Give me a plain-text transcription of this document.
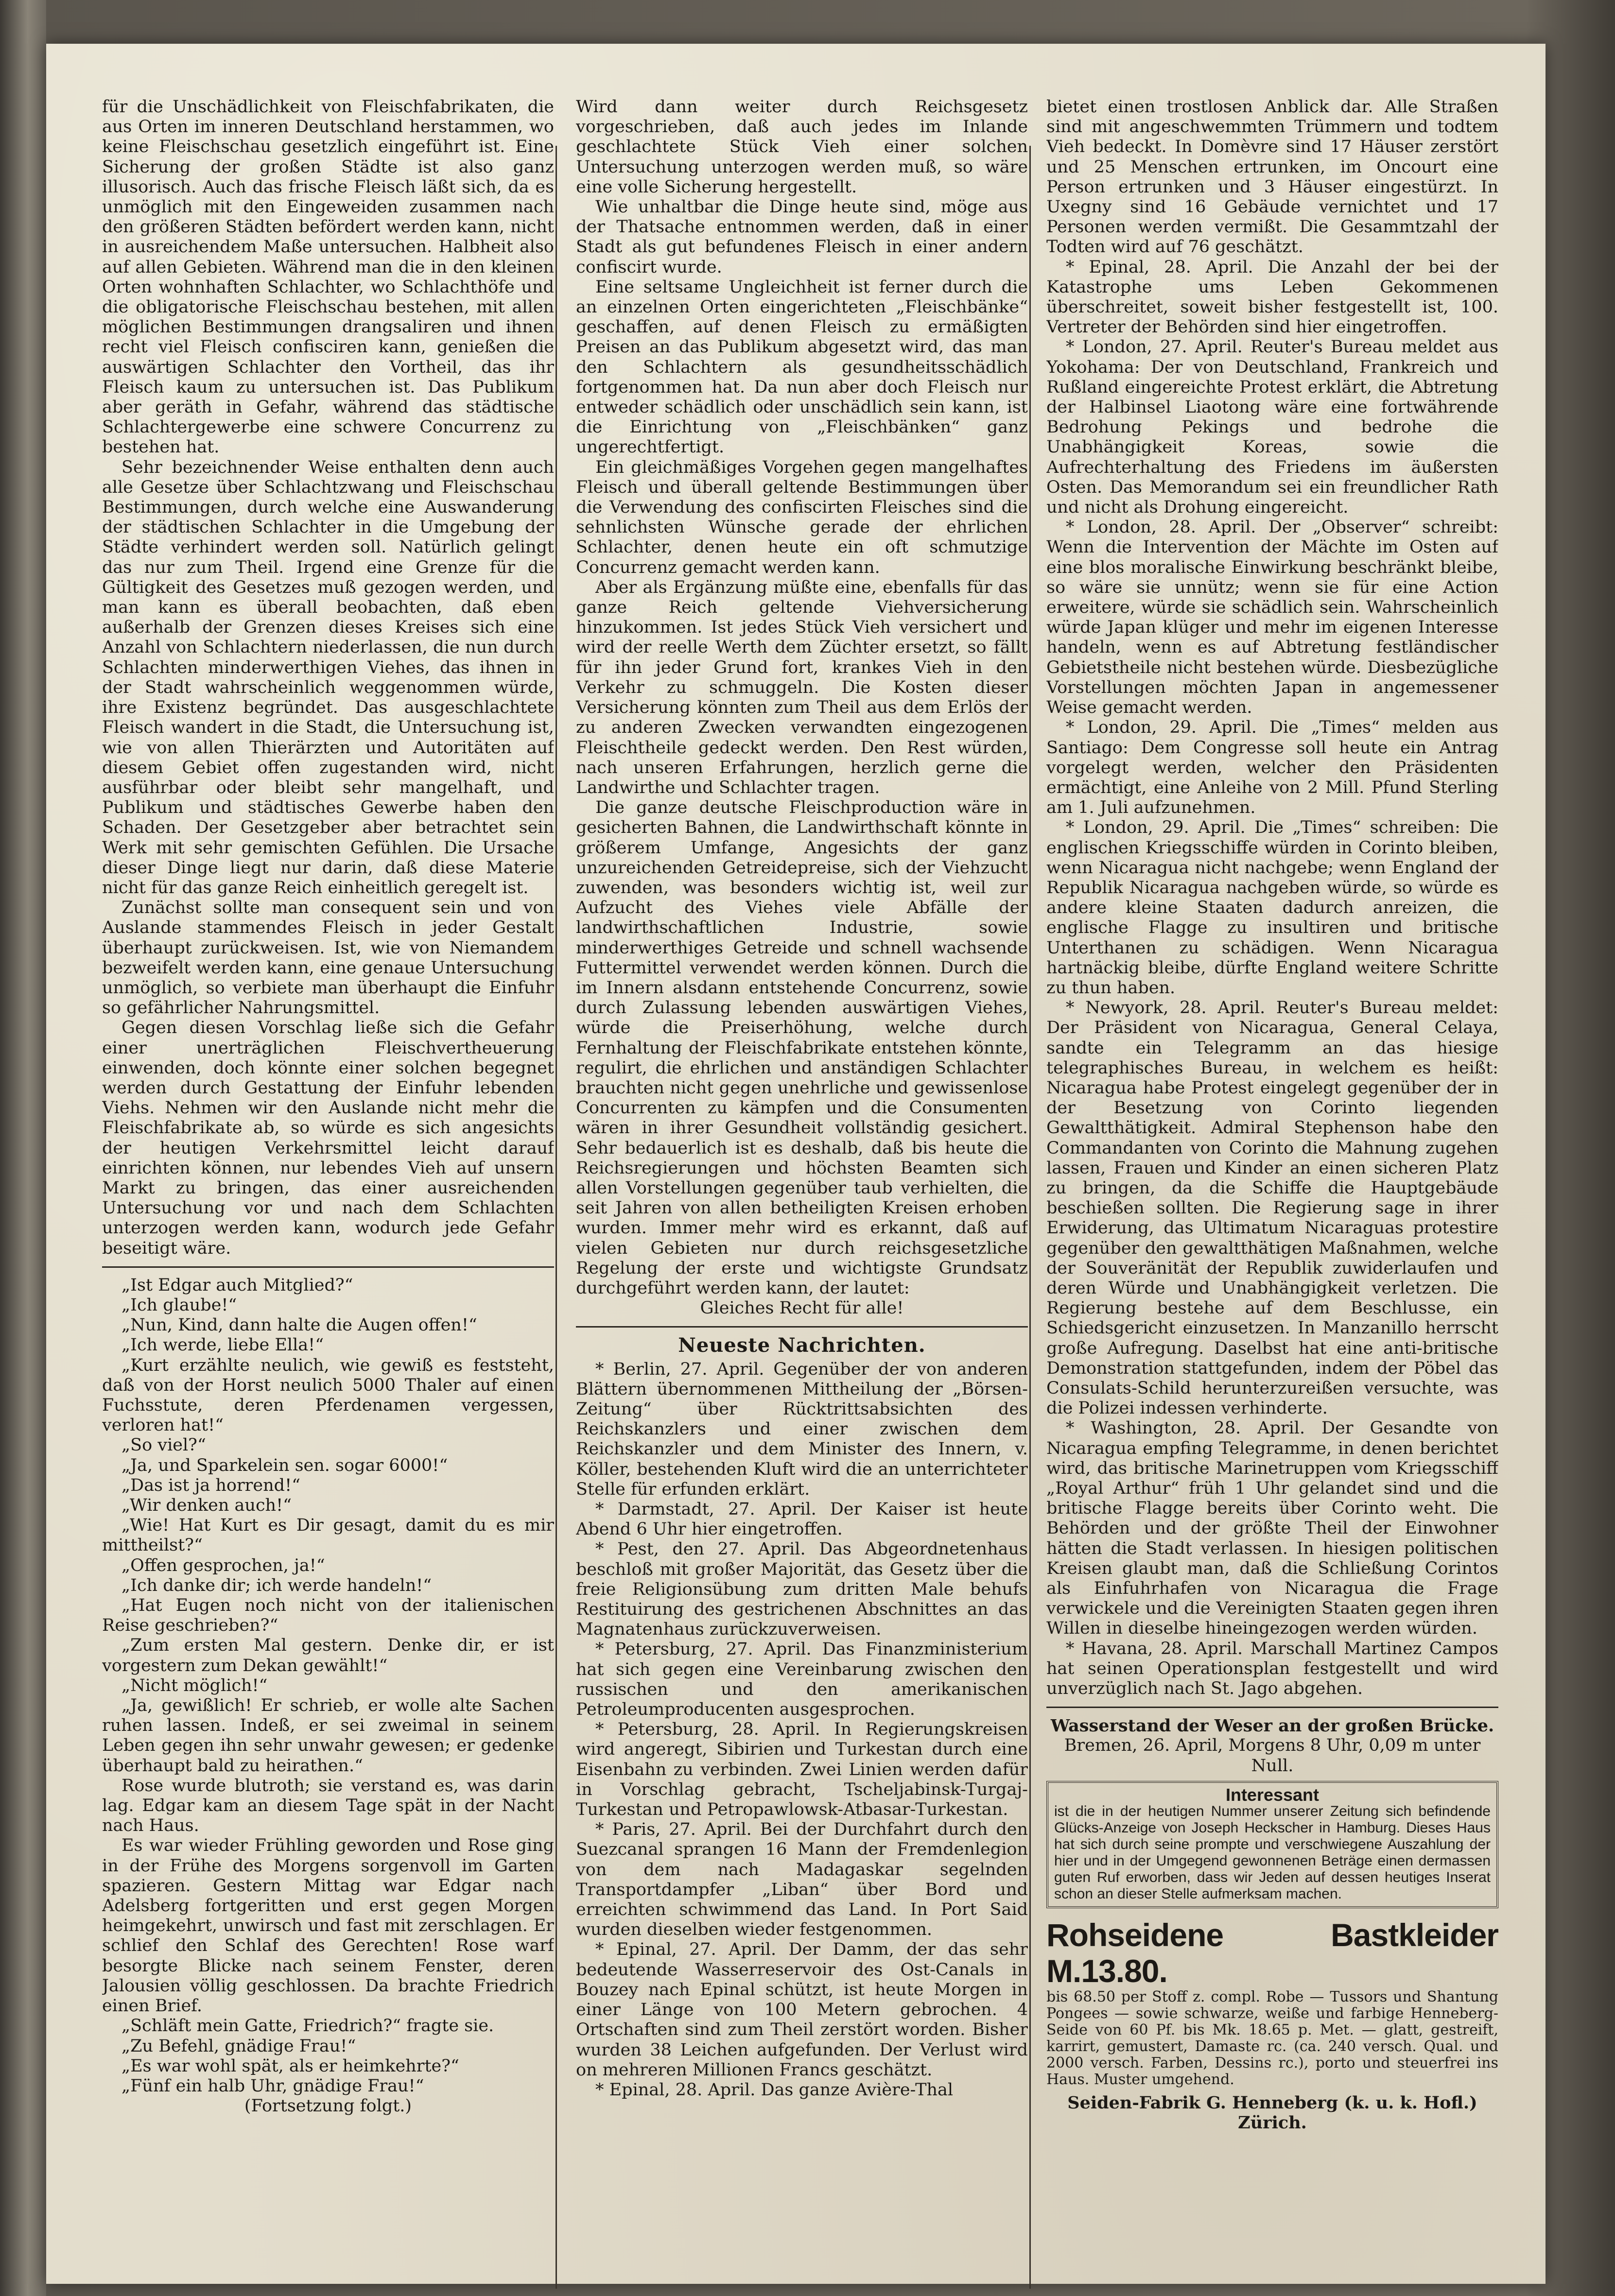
für die Unschädlichkeit von Fleischfabrikaten, die aus Orten im inneren Deutschland herstammen, wo keine Fleischschau gesetzlich eingeführt ist. Eine Sicherung der großen Städte ist also ganz illusorisch. Auch das frische Fleisch läßt sich, da es unmöglich mit den Eingeweiden zusammen nach den größeren Städten befördert werden kann, nicht in ausreichendem Maße untersuchen. Halbheit also auf allen Gebieten. Während man die in den kleinen Orten wohnhaften Schlachter, wo Schlachthöfe und die obligatorische Fleischschau bestehen, mit allen möglichen Bestimmungen drangsaliren und ihnen recht viel Fleisch confisciren kann, genießen die auswärtigen Schlachter den Vortheil, das ihr Fleisch kaum zu untersuchen ist. Das Publikum aber geräth in Gefahr, während das städtische Schlachtergewerbe eine schwere Concurrenz zu bestehen hat.

Sehr bezeichnender Weise enthalten denn auch alle Gesetze über Schlachtzwang und Fleischschau Bestimmungen, durch welche eine Auswanderung der städtischen Schlachter in die Umgebung der Städte verhindert werden soll. Natürlich gelingt das nur zum Theil. Irgend eine Grenze für die Gültigkeit des Gesetzes muß gezogen werden, und man kann es überall beobachten, daß eben außerhalb der Grenzen dieses Kreises sich eine Anzahl von Schlachtern niederlassen, die nun durch Schlachten minderwerthigen Viehes, das ihnen in der Stadt wahrscheinlich weggenommen würde, ihre Existenz begründet. Das ausgeschlachtete Fleisch wandert in die Stadt, die Untersuchung ist, wie von allen Thierärzten und Autoritäten auf diesem Gebiet offen zugestanden wird, nicht ausführbar oder bleibt sehr mangelhaft, und Publikum und städtisches Gewerbe haben den Schaden. Der Gesetzgeber aber betrachtet sein Werk mit sehr gemischten Gefühlen. Die Ursache dieser Dinge liegt nur darin, daß diese Materie nicht für das ganze Reich einheitlich geregelt ist.

Zunächst sollte man consequent sein und von Auslande stammendes Fleisch in jeder Gestalt überhaupt zurückweisen. Ist, wie von Niemandem bezweifelt werden kann, eine genaue Untersuchung unmöglich, so verbiete man überhaupt die Einfuhr so gefährlicher Nahrungsmittel.

Gegen diesen Vorschlag ließe sich die Gefahr einer unerträglichen Fleischvertheuerung einwenden, doch könnte einer solchen begegnet werden durch Gestattung der Einfuhr lebenden Viehs. Nehmen wir den Auslande nicht mehr die Fleischfabrikate ab, so würde es sich angesichts der heutigen Verkehrsmittel leicht darauf einrichten können, nur lebendes Vieh auf unsern Markt zu bringen, das einer ausreichenden Untersuchung vor und nach dem Schlachten unterzogen werden kann, wodurch jede Gefahr beseitigt wäre.

„Ist Edgar auch Mitglied?“

„Ich glaube!“

„Nun, Kind, dann halte die Augen offen!“

„Ich werde, liebe Ella!“

„Kurt erzählte neulich, wie gewiß es feststeht, daß von der Horst neulich 5000 Thaler auf einen Fuchsstute, deren Pferdenamen vergessen, verloren hat!“

„So viel?“

„Ja, und Sparkelein sen. sogar 6000!“

„Das ist ja horrend!“

„Wir denken auch!“

„Wie! Hat Kurt es Dir gesagt, damit du es mir mittheilst?“

„Offen gesprochen, ja!“

„Ich danke dir; ich werde handeln!“

„Hat Eugen noch nicht von der italienischen Reise geschrieben?“

„Zum ersten Mal gestern. Denke dir, er ist vorgestern zum Dekan gewählt!“

„Nicht möglich!“

„Ja, gewißlich! Er schrieb, er wolle alte Sachen ruhen lassen. Indeß, er sei zweimal in seinem Leben gegen ihn sehr unwahr gewesen; er gedenke überhaupt bald zu heirathen.“

Rose wurde blutroth; sie verstand es, was darin lag. Edgar kam an diesem Tage spät in der Nacht nach Haus.

Es war wieder Frühling geworden und Rose ging in der Frühe des Morgens sorgenvoll im Garten spazieren. Gestern Mittag war Edgar nach Adelsberg fortgeritten und erst gegen Morgen heimgekehrt, unwirsch und fast mit zerschlagen. Er schlief den Schlaf des Gerechten! Rose warf besorgte Blicke nach seinem Fenster, deren Jalousien völlig geschlossen. Da brachte Friedrich einen Brief.

„Schläft mein Gatte, Friedrich?“ fragte sie.

„Zu Befehl, gnädige Frau!“

„Es war wohl spät, als er heimkehrte?“

„Fünf ein halb Uhr, gnädige Frau!“

(Fortsetzung folgt.)

Wird dann weiter durch Reichsgesetz vorgeschrieben, daß auch jedes im Inlande geschlachtete Stück Vieh einer solchen Untersuchung unterzogen werden muß, so wäre eine volle Sicherung hergestellt.

Wie unhaltbar die Dinge heute sind, möge aus der Thatsache entnommen werden, daß in einer Stadt als gut befundenes Fleisch in einer andern confiscirt wurde.

Eine seltsame Ungleichheit ist ferner durch die an einzelnen Orten eingerichteten „Fleischbänke“ geschaffen, auf denen Fleisch zu ermäßigten Preisen an das Publikum abgesetzt wird, das man den Schlachtern als gesundheitsschädlich fortgenommen hat. Da nun aber doch Fleisch nur entweder schädlich oder unschädlich sein kann, ist die Einrichtung von „Fleischbänken“ ganz ungerechtfertigt.

Ein gleichmäßiges Vorgehen gegen mangelhaftes Fleisch und überall geltende Bestimmungen über die Verwendung des confiscirten Fleisches sind die sehnlichsten Wünsche gerade der ehrlichen Schlachter, denen heute ein oft schmutzige Concurrenz gemacht werden kann.

Aber als Ergänzung müßte eine, ebenfalls für das ganze Reich geltende Viehversicherung hinzukommen. Ist jedes Stück Vieh versichert und wird der reelle Werth dem Züchter ersetzt, so fällt für ihn jeder Grund fort, krankes Vieh in den Verkehr zu schmuggeln. Die Kosten dieser Versicherung könnten zum Theil aus dem Erlös der zu anderen Zwecken verwandten eingezogenen Fleischtheile gedeckt werden. Den Rest würden, nach unseren Erfahrungen, herzlich gerne die Landwirthe und Schlachter tragen.

Die ganze deutsche Fleischproduction wäre in gesicherten Bahnen, die Landwirthschaft könnte in größerem Umfange, Angesichts der ganz unzureichenden Getreidepreise, sich der Viehzucht zuwenden, was besonders wichtig ist, weil zur Aufzucht des Viehes viele Abfälle der landwirthschaftlichen Industrie, sowie minderwerthiges Getreide und schnell wachsende Futtermittel verwendet werden können. Durch die im Innern alsdann entstehende Concurrenz, sowie durch Zulassung lebenden auswärtigen Viehes, würde die Preiserhöhung, welche durch Fernhaltung der Fleischfabrikate entstehen könnte, regulirt, die ehrlichen und anständigen Schlachter brauchten nicht gegen unehrliche und gewissenlose Concurrenten zu kämpfen und die Consumenten wären in ihrer Gesundheit vollständig gesichert. Sehr bedauerlich ist es deshalb, daß bis heute die Reichsregierungen und höchsten Beamten sich allen Vorstellungen gegenüber taub verhielten, die seit Jahren von allen betheiligten Kreisen erhoben wurden. Immer mehr wird es erkannt, daß auf vielen Gebieten nur durch reichsgesetzliche Regelung der erste und wichtigste Grundsatz durchgeführt werden kann, der lautet:

Gleiches Recht für alle!

Neueste Nachrichten.

* Berlin, 27. April. Gegenüber der von anderen Blättern übernommenen Mittheilung der „Börsen-Zeitung“ über Rücktrittsabsichten des Reichskanzlers und einer zwischen dem Reichskanzler und dem Minister des Innern, v. Köller, bestehenden Kluft wird die an unterrichteter Stelle für erfunden erklärt.

* Darmstadt, 27. April. Der Kaiser ist heute Abend 6 Uhr hier eingetroffen.

* Pest, den 27. April. Das Abgeordnetenhaus beschloß mit großer Majorität, das Gesetz über die freie Religionsübung zum dritten Male behufs Restituirung des gestrichenen Abschnittes an das Magnatenhaus zurückzuverweisen.

* Petersburg, 27. April. Das Finanzministerium hat sich gegen eine Vereinbarung zwischen den russischen und den amerikanischen Petroleumproducenten ausgesprochen.

* Petersburg, 28. April. In Regierungskreisen wird angeregt, Sibirien und Turkestan durch eine Eisenbahn zu verbinden. Zwei Linien werden dafür in Vorschlag gebracht, Tscheljabinsk-Turgaj-Turkestan und Petropawlowsk-Atbasar-Turkestan.

* Paris, 27. April. Bei der Durchfahrt durch den Suezcanal sprangen 16 Mann der Fremdenlegion von dem nach Madagaskar segelnden Transportdampfer „Liban“ über Bord und erreichten schwimmend das Land. In Port Said wurden dieselben wieder festgenommen.

* Epinal, 27. April. Der Damm, der das sehr bedeutende Wasserreservoir des Ost-Canals in Bouzey nach Epinal schützt, ist heute Morgen in einer Länge von 100 Metern gebrochen. 4 Ortschaften sind zum Theil zerstört worden. Bisher wurden 38 Leichen aufgefunden. Der Verlust wird on mehreren Millionen Francs geschätzt.

* Epinal, 28. April. Das ganze Avière-Thal

bietet einen trostlosen Anblick dar. Alle Straßen sind mit angeschwemmten Trümmern und todtem Vieh bedeckt. In Domèvre sind 17 Häuser zerstört und 25 Menschen ertrunken, im Oncourt eine Person ertrunken und 3 Häuser eingestürzt. In Uxegny sind 16 Gebäude vernichtet und 17 Personen werden vermißt. Die Gesammtzahl der Todten wird auf 76 geschätzt.

* Epinal, 28. April. Die Anzahl der bei der Katastrophe ums Leben Gekommenen überschreitet, soweit bisher festgestellt ist, 100. Vertreter der Behörden sind hier eingetroffen.

* London, 27. April. Reuter's Bureau meldet aus Yokohama: Der von Deutschland, Frankreich und Rußland eingereichte Protest erklärt, die Abtretung der Halbinsel Liaotong wäre eine fortwährende Bedrohung Pekings und bedrohe die Unabhängigkeit Koreas, sowie die Aufrechterhaltung des Friedens im äußersten Osten. Das Memorandum sei ein freundlicher Rath und nicht als Drohung eingereicht.

* London, 28. April. Der „Observer“ schreibt: Wenn die Intervention der Mächte im Osten auf eine blos moralische Einwirkung beschränkt bleibe, so wäre sie unnütz; wenn sie für eine Action erweitere, würde sie schädlich sein. Wahrscheinlich würde Japan klüger und mehr im eigenen Interesse handeln, wenn es auf Abtretung festländischer Gebietstheile nicht bestehen würde. Diesbezügliche Vorstellungen möchten Japan in angemessener Weise gemacht werden.

* London, 29. April. Die „Times“ melden aus Santiago: Dem Congresse soll heute ein Antrag vorgelegt werden, welcher den Präsidenten ermächtigt, eine Anleihe von 2 Mill. Pfund Sterling am 1. Juli aufzunehmen.

* London, 29. April. Die „Times“ schreiben: Die englischen Kriegsschiffe würden in Corinto bleiben, wenn Nicaragua nicht nachgebe; wenn England der Republik Nicaragua nachgeben würde, so würde es andere kleine Staaten dadurch anreizen, die englische Flagge zu insultiren und britische Unterthanen zu schädigen. Wenn Nicaragua hartnäckig bleibe, dürfte England weitere Schritte zu thun haben.

* Newyork, 28. April. Reuter's Bureau meldet: Der Präsident von Nicaragua, General Celaya, sandte ein Telegramm an das hiesige telegraphisches Bureau, in welchem es heißt: Nicaragua habe Protest eingelegt gegenüber der in der Besetzung von Corinto liegenden Gewaltthätigkeit. Admiral Stephenson habe den Commandanten von Corinto die Mahnung zugehen lassen, Frauen und Kinder an einen sicheren Platz zu bringen, da die Schiffe die Hauptgebäude beschießen sollten. Die Regierung sage in ihrer Erwiderung, das Ultimatum Nicaraguas protestire gegenüber den gewaltthätigen Maßnahmen, welche der Souveränität der Republik zuwiderlaufen und deren Würde und Unabhängigkeit verletzen. Die Regierung bestehe auf dem Beschlusse, ein Schiedsgericht einzusetzen. In Manzanillo herrscht große Aufregung. Daselbst hat eine anti-britische Demonstration stattgefunden, indem der Pöbel das Consulats-Schild herunterzureißen versuchte, was die Polizei indessen verhinderte.

* Washington, 28. April. Der Gesandte von Nicaragua empfing Telegramme, in denen berichtet wird, das britische Marinetruppen vom Kriegsschiff „Royal Arthur“ früh 1 Uhr gelandet sind und die britische Flagge bereits über Corinto weht. Die Behörden und der größte Theil der Einwohner hätten die Stadt verlassen. In hiesigen politischen Kreisen glaubt man, daß die Schließung Corintos als Einfuhrhafen von Nicaragua die Frage verwickele und die Vereinigten Staaten gegen ihren Willen in dieselbe hineingezogen werden würden.

* Havana, 28. April. Marschall Martinez Campos hat seinen Operationsplan festgestellt und wird unverzüglich nach St. Jago abgehen.

Wasserstand der Weser an der großen Brücke.

Bremen, 26. April, Morgens 8 Uhr, 0,09 m unter Null.

Interessant
ist die in der heutigen Nummer unserer Zeitung sich befindende Glücks-Anzeige von Joseph Heckscher in Hamburg. Dieses Haus hat sich durch seine prompte und verschwiegene Auszahlung der hier und in der Umgegend gewonnenen Beträge einen dermassen guten Ruf erworben, dass wir Jeden auf dessen heutiges Inserat schon an dieser Stelle aufmerksam machen.
Rohseidene Bastkleider M.13.80.
bis 68.50 per Stoff z. compl. Robe — Tussors und Shantung Pongees — sowie schwarze, weiße und farbige Henneberg-Seide von 60 Pf. bis Mk. 18.65 p. Met. — glatt, gestreift, karrirt, gemustert, Damaste rc. (ca. 240 versch. Qual. und 2000 versch. Farben, Dessins rc.), porto und steuerfrei ins Haus. Muster umgehend.

Seiden-Fabrik G. Henneberg (k. u. k. Hofl.) Zürich.
